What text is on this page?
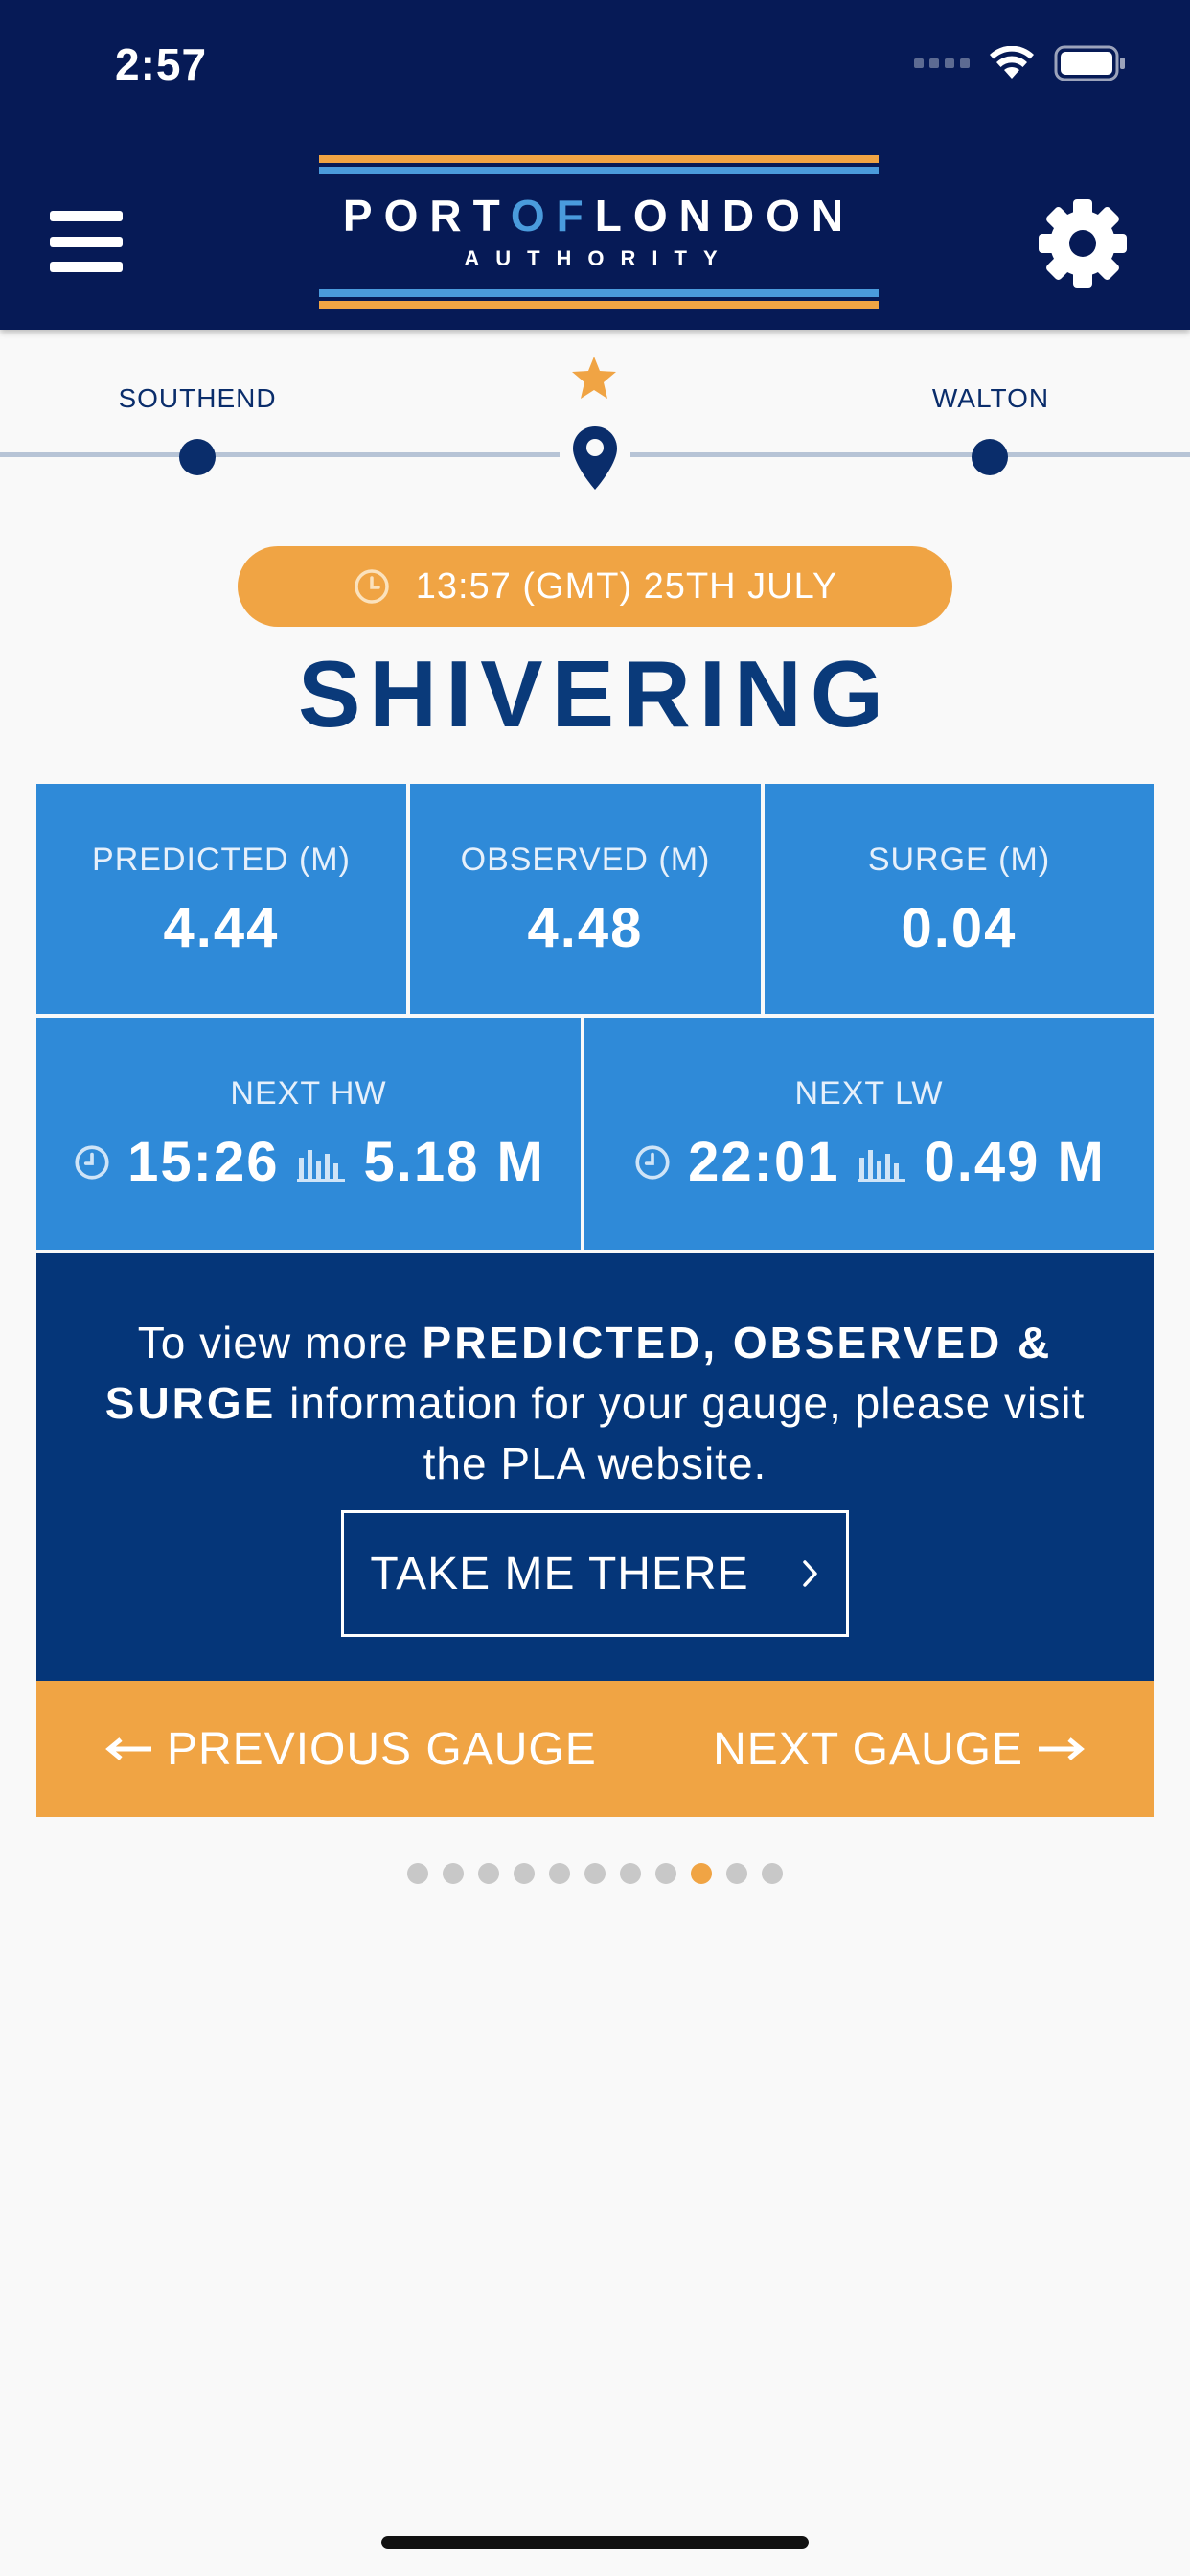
2:57
PORTOFLONDON
AUTHORITY
SOUTHEND	WALTON
13:57 (GMT) 25TH JULY
SHIVERING
PREDICTED (M)
4.44
OBSERVED (M)
4.48
SURGE (M)
0.04
NEXT HW
15:26 5.18 M
NEXT LW
22:01 0.49 M
To view more PREDICTED, OBSERVED & SURGE information for your gauge, please visit the PLA website.
TAKE ME THERE
PREVIOUS GAUGE	NEXT GAUGE
